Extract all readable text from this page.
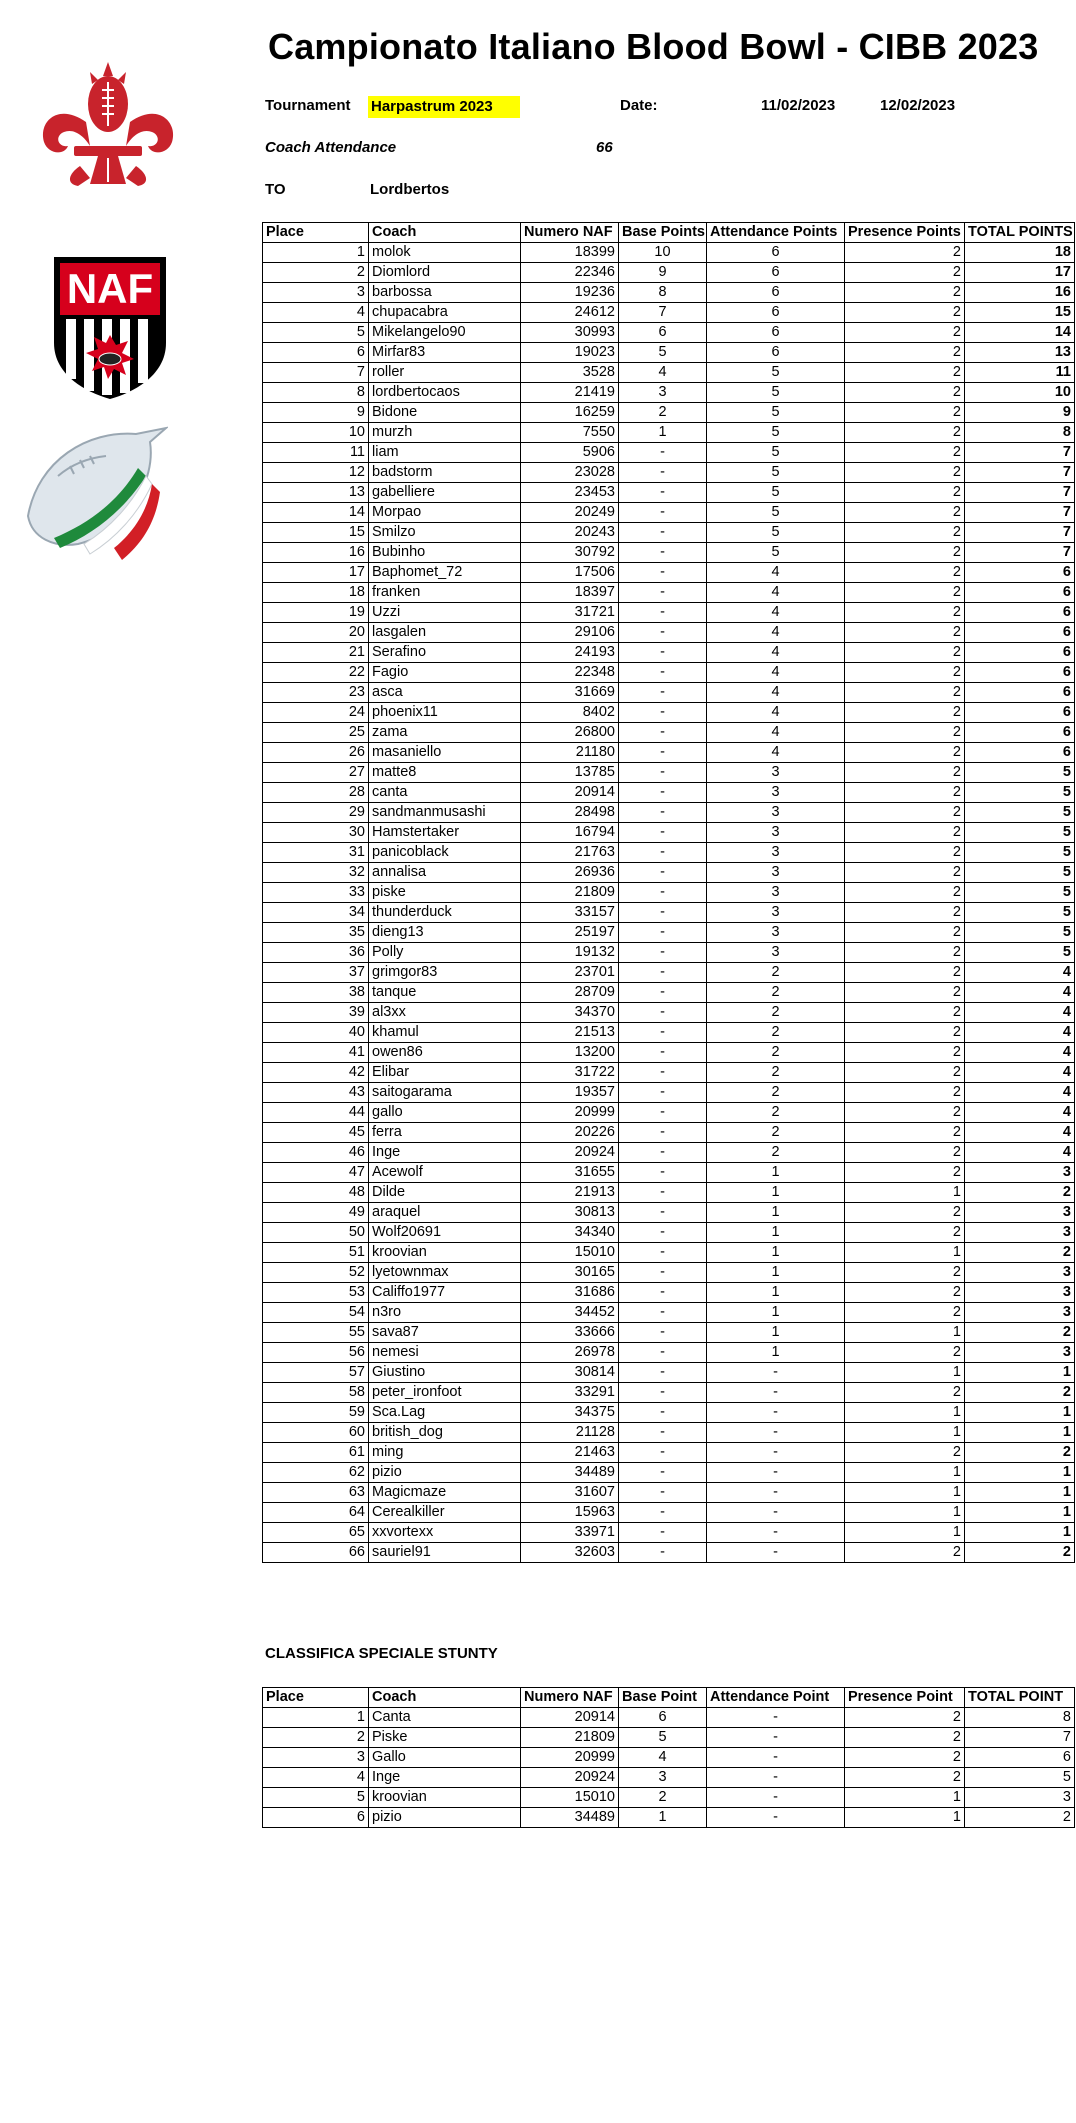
NAF
Campionato Italiano Blood Bowl - CIBB 2023
Tournament Harpastrum 2023	Date:	11/02/2023	12/02/2023
Coach Attendance	66
TO	Lordbertos
Place	Coach	Numero NAF	Base Points	Attendance Points	Presence Points	TOTAL POINTS
1	molok	18399	10	6	2	18
2	Diomlord	22346	9	6	2	17
3	barbossa	19236	8	6	2	16
4	chupacabra	24612	7	6	2	15
5	Mikelangelo90	30993	6	6	2	14
6	Mirfar83	19023	5	6	2	13
7	roller	3528	4	5	2	11
8	lordbertocaos	21419	3	5	2	10
9	Bidone	16259	2	5	2	9
10	murzh	7550	1	5	2	8
11	liam	5906	-	5	2	7
12	badstorm	23028	-	5	2	7
13	gabelliere	23453	-	5	2	7
14	Morpao	20249	-	5	2	7
15	Smilzo	20243	-	5	2	7
16	Bubinho	30792	-	5	2	7
17	Baphomet_72	17506	-	4	2	6
18	franken	18397	-	4	2	6
19	Uzzi	31721	-	4	2	6
20	lasgalen	29106	-	4	2	6
21	Serafino	24193	-	4	2	6
22	Fagio	22348	-	4	2	6
23	asca	31669	-	4	2	6
24	phoenix11	8402	-	4	2	6
25	zama	26800	-	4	2	6
26	masaniello	21180	-	4	2	6
27	matte8	13785	-	3	2	5
28	canta	20914	-	3	2	5
29	sandmanmusashi	28498	-	3	2	5
30	Hamstertaker	16794	-	3	2	5
31	panicoblack	21763	-	3	2	5
32	annalisa	26936	-	3	2	5
33	piske	21809	-	3	2	5
34	thunderduck	33157	-	3	2	5
35	dieng13	25197	-	3	2	5
36	Polly	19132	-	3	2	5
37	grimgor83	23701	-	2	2	4
38	tanque	28709	-	2	2	4
39	al3xx	34370	-	2	2	4
40	khamul	21513	-	2	2	4
41	owen86	13200	-	2	2	4
42	Elibar	31722	-	2	2	4
43	saitogarama	19357	-	2	2	4
44	gallo	20999	-	2	2	4
45	ferra	20226	-	2	2	4
46	Inge	20924	-	2	2	4
47	Acewolf	31655	-	1	2	3
48	Dilde	21913	-	1	1	2
49	araquel	30813	-	1	2	3
50	Wolf20691	34340	-	1	2	3
51	kroovian	15010	-	1	1	2
52	lyetownmax	30165	-	1	2	3
53	Califfo1977	31686	-	1	2	3
54	n3ro	34452	-	1	2	3
55	sava87	33666	-	1	1	2
56	nemesi	26978	-	1	2	3
57	Giustino	30814	-	-	1	1
58	peter_ironfoot	33291	-	-	2	2
59	Sca.Lag	34375	-	-	1	1
60	british_dog	21128	-	-	1	1
61	ming	21463	-	-	2	2
62	pizio	34489	-	-	1	1
63	Magicmaze	31607	-	-	1	1
64	Cerealkiller	15963	-	-	1	1
65	xxvortexx	33971	-	-	1	1
66	sauriel91	32603	-	-	2	2
CLASSIFICA SPECIALE STUNTY
Place	Coach	Numero NAF	Base Point	Attendance Point	Presence Point	TOTAL POINT
1	Canta	20914	6	-	2	8
2	Piske	21809	5	-	2	7
3	Gallo	20999	4	-	2	6
4	Inge	20924	3	-	2	5
5	kroovian	15010	2	-	1	3
6	pizio	34489	1	-	1	2
